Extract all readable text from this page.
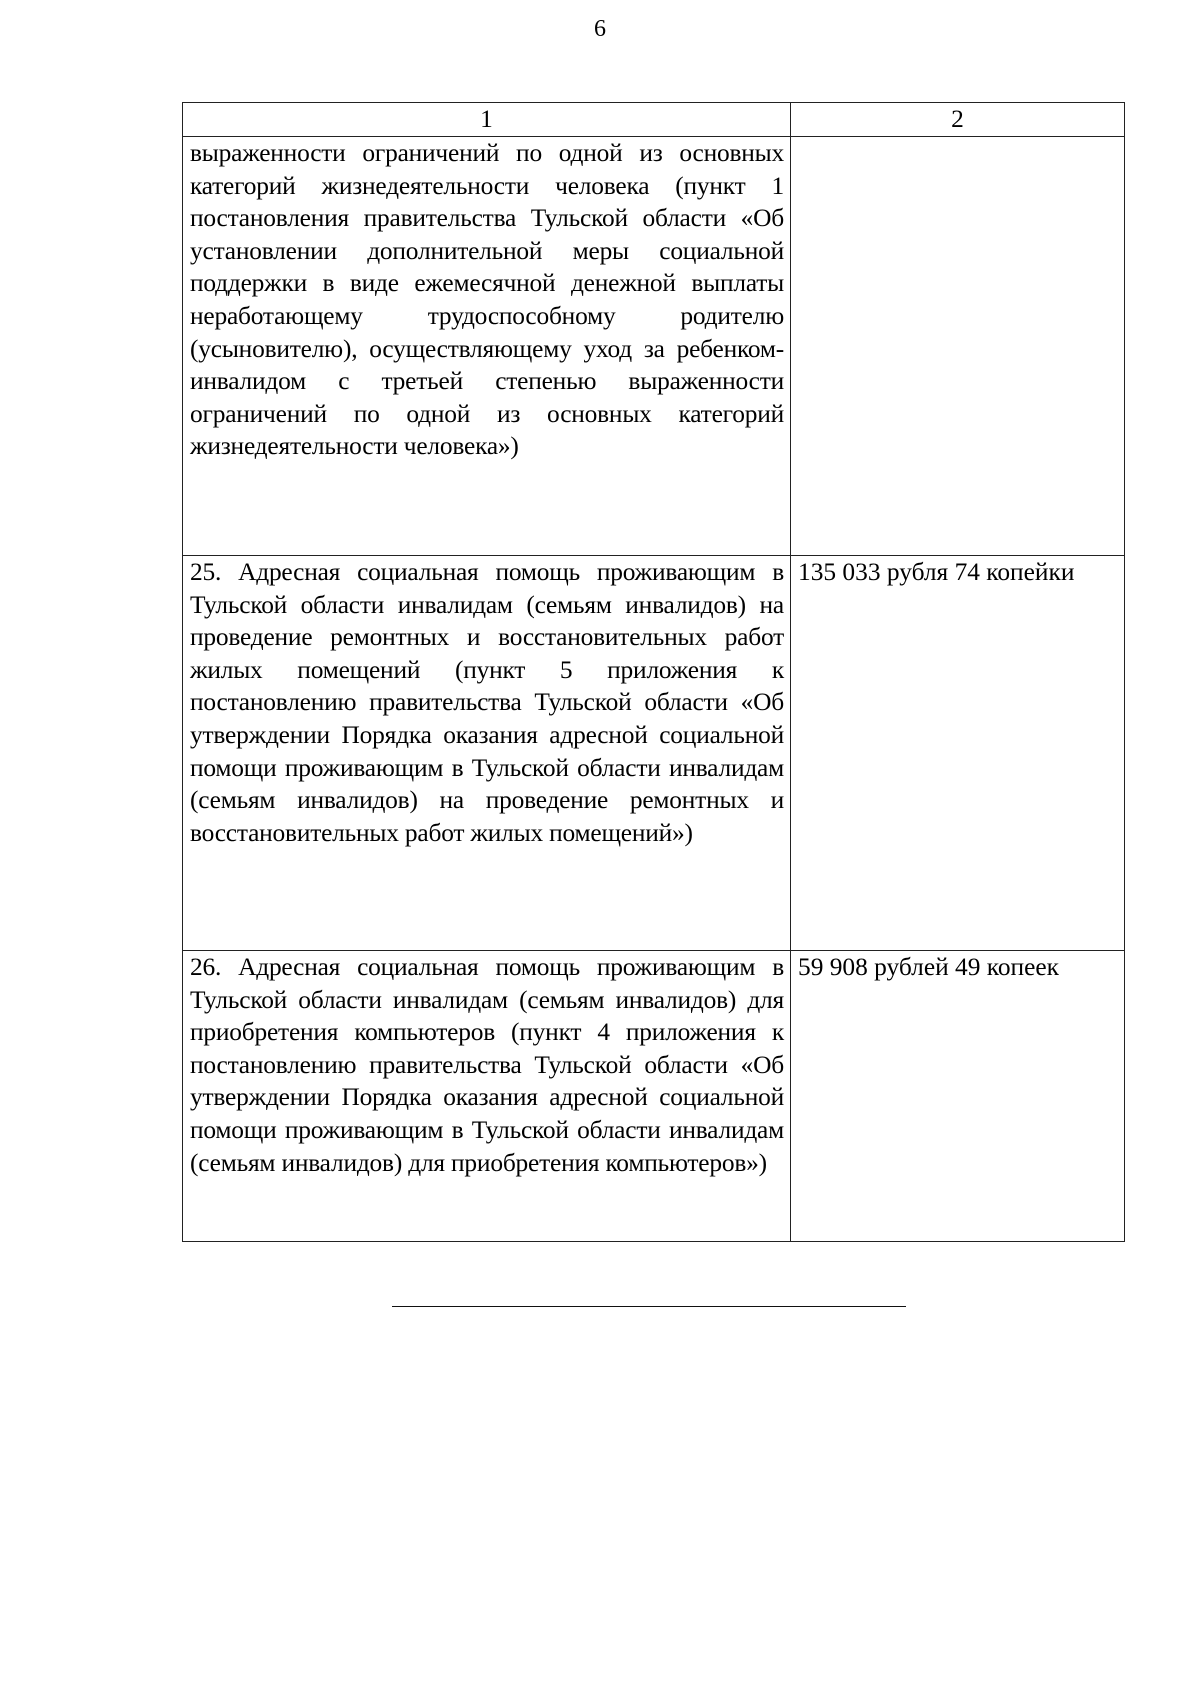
6
1	2
выраженности ограничений по одной из основных категорий жизнедеятельности человека (пункт 1 постановления правительства Тульской области «Об установлении дополнительной меры социальной поддержки в виде ежемесячной денежной выплаты неработающему трудоспособному родителю (усыновителю), осуществляющему уход за ребенком-инвалидом с третьей степенью выраженности ограничений по одной из основных категорий жизнедеятельности человека»)	
25. Адресная социальная помощь проживающим в Тульской области инвалидам (семьям инвалидов) на проведение ремонтных и восстановительных работ жилых помещений (пункт 5 приложения к постановлению правительства Тульской области «Об утверждении Порядка оказания адресной социальной помощи проживающим в Тульской области инвалидам (семьям инвалидов) на проведение ремонтных и восстановительных работ жилых помещений»)	135 033 рубля 74 копейки
26. Адресная социальная помощь проживающим в Тульской области инвалидам (семьям инвалидов) для приобретения компьютеров (пункт 4 приложения к постановлению правительства Тульской области «Об утверждении Порядка оказания адресной социальной помощи проживающим в Тульской области инвалидам (семьям инвалидов) для приобретения компьютеров»)	59 908 рублей 49 копеек
